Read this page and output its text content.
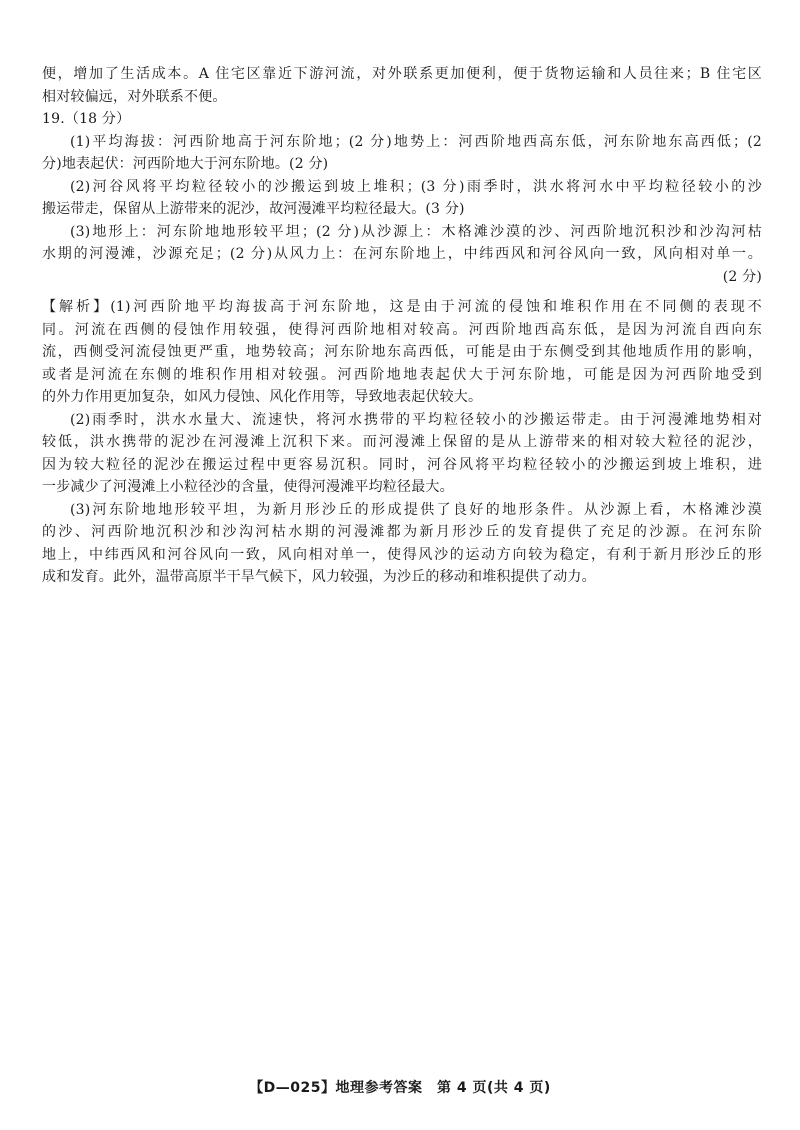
便，增加了生活成本。A 住宅区靠近下游河流，对外联系更加便利，便于货物运输和人员往来；B 住宅区
相对较偏远，对外联系不便。
19.（18 分）
(1)平均海拔：河西阶地高于河东阶地；(2 分)地势上：河西阶地西高东低，河东阶地东高西低；(2
分)地表起伏：河西阶地大于河东阶地。(2 分)
(2)河谷风将平均粒径较小的沙搬运到坡上堆积；(3 分)雨季时，洪水将河水中平均粒径较小的沙
搬运带走，保留从上游带来的泥沙，故河漫滩平均粒径最大。(3 分)
(3)地形上：河东阶地地形较平坦；(2 分)从沙源上：木格滩沙漠的沙、河西阶地沉积沙和沙沟河枯
水期的河漫滩，沙源充足；(2 分)从风力上：在河东阶地上，中纬西风和河谷风向一致，风向相对单一。
(2 分)
【解析】(1)河西阶地平均海拔高于河东阶地，这是由于河流的侵蚀和堆积作用在不同侧的表现不
同。河流在西侧的侵蚀作用较强，使得河西阶地相对较高。河西阶地西高东低，是因为河流自西向东
流，西侧受河流侵蚀更严重，地势较高；河东阶地东高西低，可能是由于东侧受到其他地质作用的影响，
或者是河流在东侧的堆积作用相对较强。河西阶地地表起伏大于河东阶地，可能是因为河西阶地受到
的外力作用更加复杂，如风力侵蚀、风化作用等，导致地表起伏较大。
(2)雨季时，洪水水量大、流速快，将河水携带的平均粒径较小的沙搬运带走。由于河漫滩地势相对
较低，洪水携带的泥沙在河漫滩上沉积下来。而河漫滩上保留的是从上游带来的相对较大粒径的泥沙，
因为较大粒径的泥沙在搬运过程中更容易沉积。同时，河谷风将平均粒径较小的沙搬运到坡上堆积，进
一步减少了河漫滩上小粒径沙的含量，使得河漫滩平均粒径最大。
(3)河东阶地地形较平坦，为新月形沙丘的形成提供了良好的地形条件。从沙源上看，木格滩沙漠
的沙、河西阶地沉积沙和沙沟河枯水期的河漫滩都为新月形沙丘的发育提供了充足的沙源。在河东阶
地上，中纬西风和河谷风向一致，风向相对单一，使得风沙的运动方向较为稳定，有利于新月形沙丘的形
成和发育。此外，温带高原半干旱气候下，风力较强，为沙丘的移动和堆积提供了动力。
【D—025】地理参考答案　第 4 页(共 4 页)
